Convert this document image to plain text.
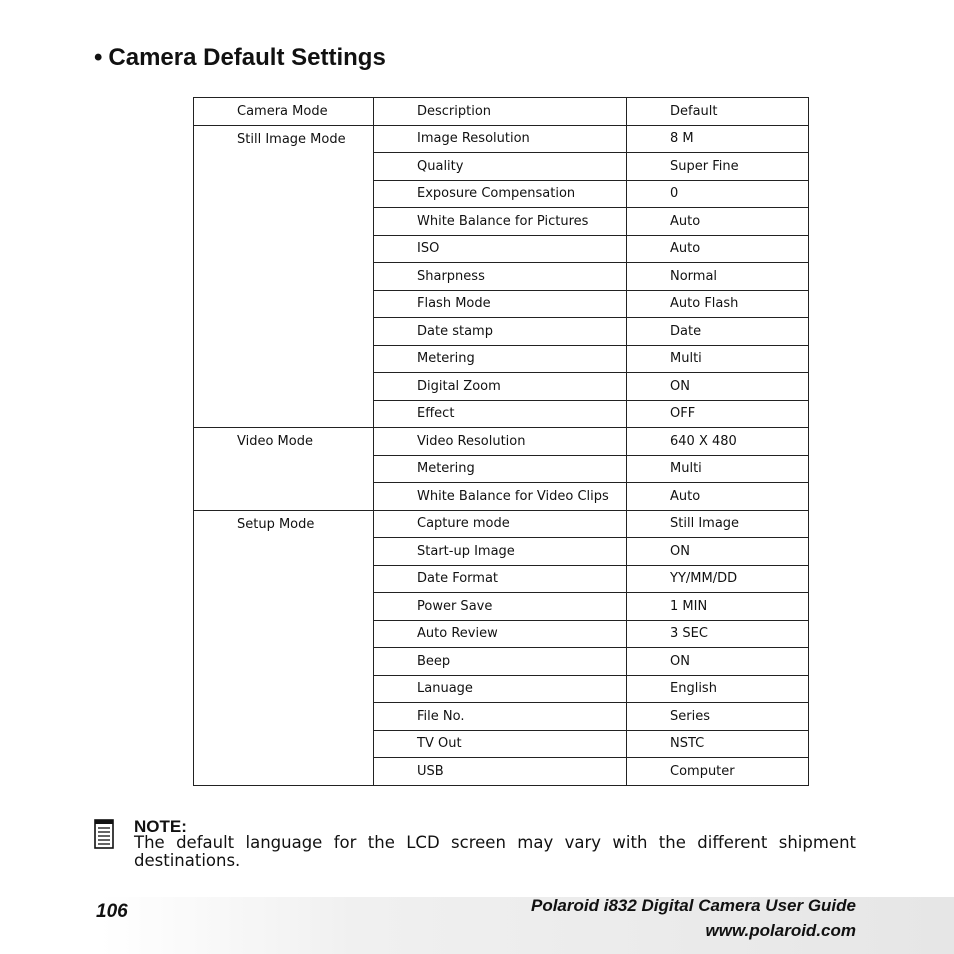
• Camera Default Settings
Camera Mode	Description	Default
Still Image Mode	Image Resolution	8 M
	Quality	Super Fine
	Exposure Compensation	0
	White Balance for Pictures	Auto
	ISO	Auto
	Sharpness	Normal
	Flash Mode	Auto Flash
	Date stamp	Date
	Metering	Multi
	Digital Zoom	ON
	Effect	OFF
Video Mode	Video Resolution	640 X 480
	Metering	Multi
	White Balance for Video Clips	Auto
Setup Mode	Capture mode	Still Image
	Start-up Image	ON
	Date Format	YY/MM/DD
	Power Save	1 MIN
	Auto Review	3 SEC
	Beep	ON
	Lanuage	English
	File No.	Series
	TV Out	NSTC
	USB	Computer
NOTE:
The default language for the LCD screen may vary with the different shipment destinations.
106	Polaroid i832 Digital Camera User Guide
www.polaroid.com
